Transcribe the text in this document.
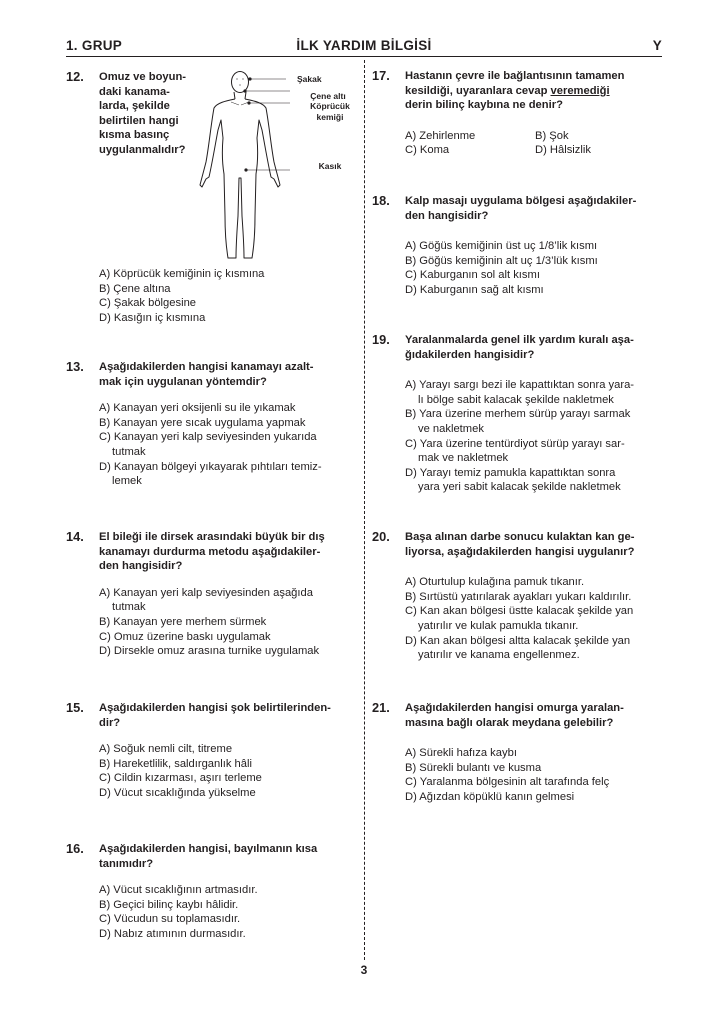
1. GRUP	İLK YARDIM BİLGİSİ	Y
12. Omuz ve boyun-
daki kanama-
larda, şekilde
belirtilen hangi
kısma basınç
uygulanmalıdır?
Şakak
Çene altı
Köprücük
kemiği
Kasık
A) Köprücük kemiğinin iç kısmına
B) Çene altına
C) Şakak bölgesine
D) Kasığın iç kısmına
13. Aşağıdakilerden hangisi kanamayı azalt-
mak için uygulanan yöntemdir?
A) Kanayan yeri oksijenli su ile yıkamak
B) Kanayan yere sıcak uygulama yapmak
C) Kanayan yeri kalp seviyesinden yukarıda
tutmak
D) Kanayan bölgeyi yıkayarak pıhtıları temiz-
lemek
14. El bileği ile dirsek arasındaki büyük bir dış
kanamayı durdurma metodu aşağıdakiler-
den hangisidir?
A) Kanayan yeri kalp seviyesinden aşağıda
tutmak
B) Kanayan yere merhem sürmek
C) Omuz üzerine baskı uygulamak
D) Dirsekle omuz arasına turnike uygulamak
15. Aşağıdakilerden hangisi şok belirtilerinden-
dir?
A) Soğuk nemli cilt, titreme
B) Hareketlilik, saldırganlık hâli
C) Cildin kızarması, aşırı terleme
D) Vücut sıcaklığında yükselme
16. Aşağıdakilerden hangisi, bayılmanın kısa
tanımıdır?
A) Vücut sıcaklığının artmasıdır.
B) Geçici bilinç kaybı hâlidir.
C) Vücudun su toplamasıdır.
D) Nabız atımının durmasıdır.
17. Hastanın çevre ile bağlantısının tamamen
kesildiği, uyaranlara cevap veremediği
derin bilinç kaybına ne denir?
A) Zehirlenme	B) Şok
C) Koma	D) Hâlsizlik
18. Kalp masajı uygulama bölgesi aşağıdakiler-
den hangisidir?
A) Göğüs kemiğinin üst uç 1/8’lik kısmı
B) Göğüs kemiğinin alt uç 1/3’lük kısmı
C) Kaburganın sol alt kısmı
D) Kaburganın sağ alt kısmı
19. Yaralanmalarda genel ilk yardım kuralı aşa-
ğıdakilerden hangisidir?
A) Yarayı sargı bezi ile kapattıktan sonra yara-
lı bölge sabit kalacak şekilde nakletmek
B) Yara üzerine merhem sürüp yarayı sarmak
ve nakletmek
C) Yara üzerine tentürdiyot sürüp yarayı sar-
mak ve nakletmek
D) Yarayı temiz pamukla kapattıktan sonra
yara yeri sabit kalacak şekilde nakletmek
20. Başa alınan darbe sonucu kulaktan kan ge-
liyorsa, aşağıdakilerden hangisi uygulanır?
A) Oturtulup kulağına pamuk tıkanır.
B) Sırtüstü yatırılarak ayakları yukarı kaldırılır.
C) Kan akan bölgesi üstte kalacak şekilde yan
yatırılır ve kulak pamukla tıkanır.
D) Kan akan bölgesi altta kalacak şekilde yan
yatırılır ve kanama engellenmez.
21. Aşağıdakilerden hangisi omurga yaralan-
masına bağlı olarak meydana gelebilir?
A) Sürekli hafıza kaybı
B) Sürekli bulantı ve kusma
C) Yaralanma bölgesinin alt tarafında felç
D) Ağızdan köpüklü kanın gelmesi
3
